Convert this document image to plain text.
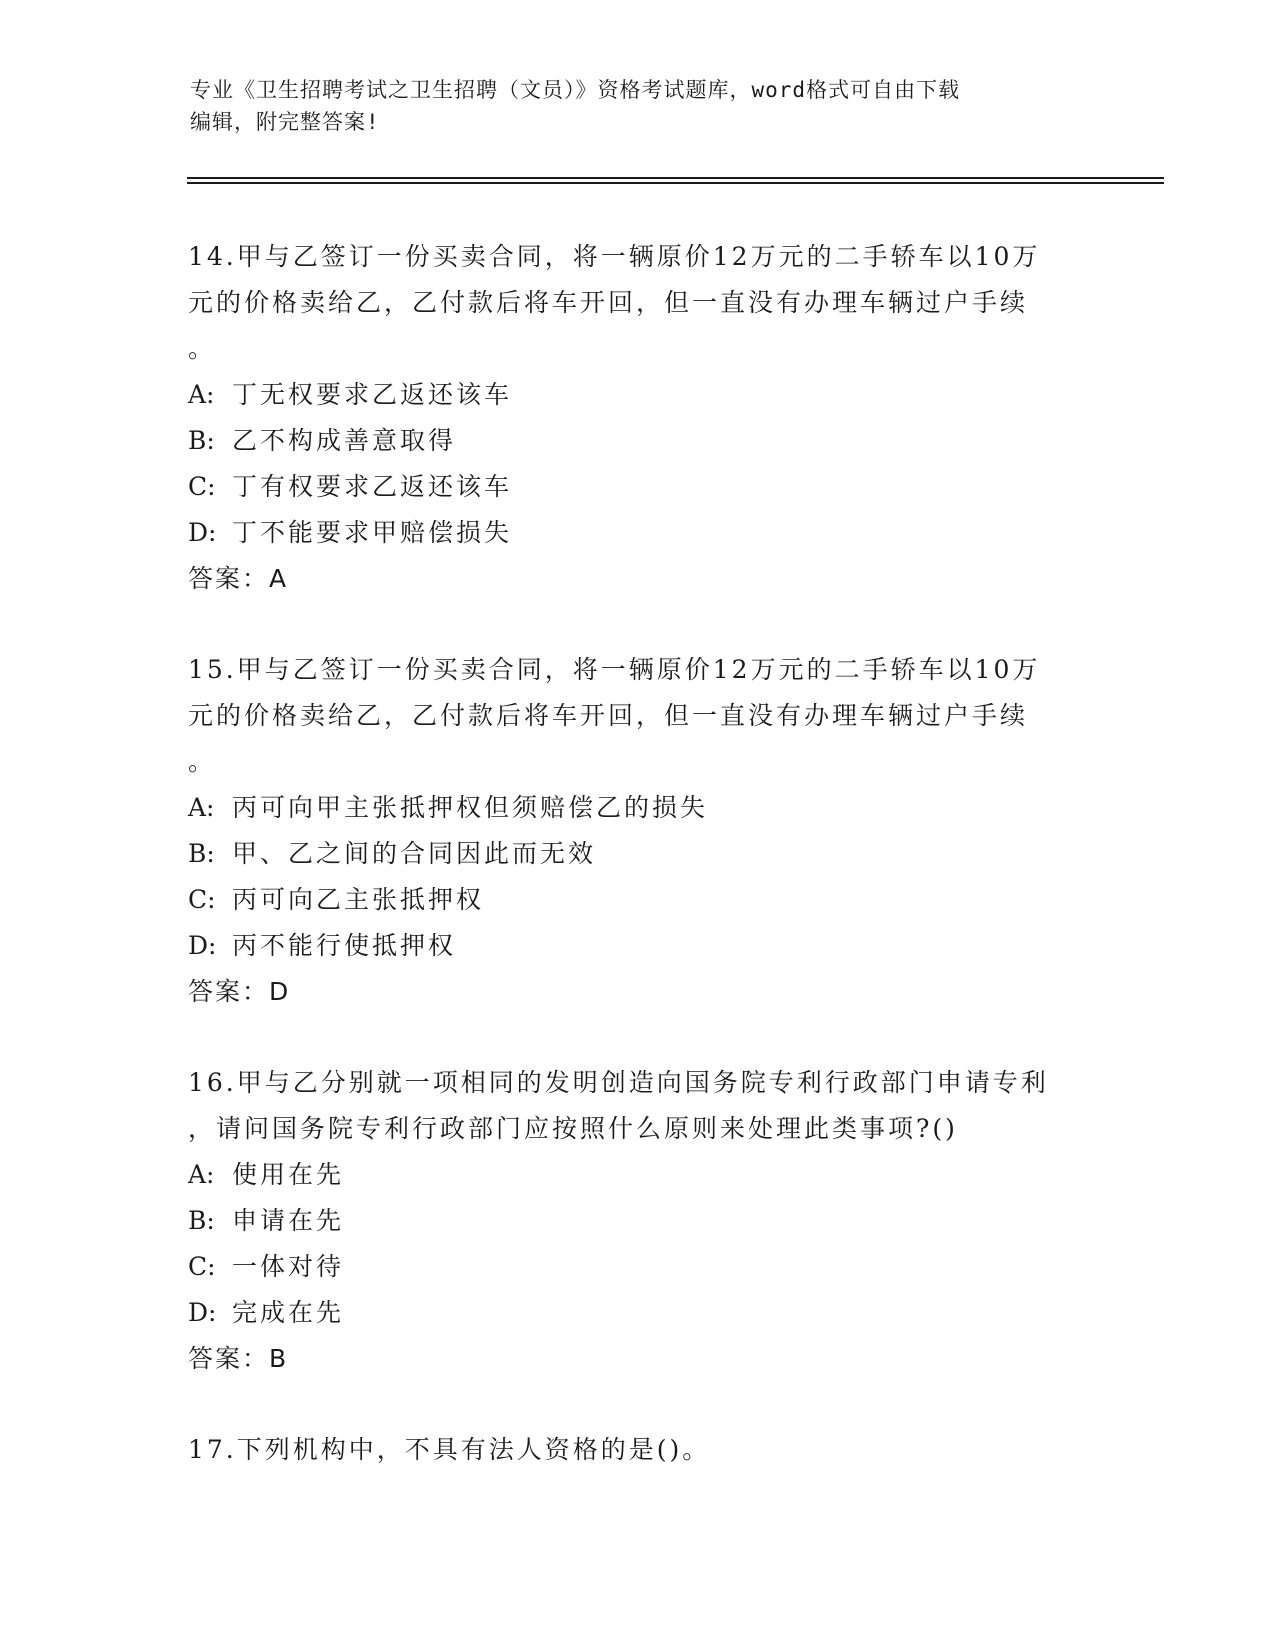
专业《卫生招聘考试之卫生招聘（文员）》资格考试题库，word格式可自由下载
编辑，附完整答案!
14.甲与乙签订一份买卖合同，将一辆原价12万元的二手轿车以10万
元的价格卖给乙，乙付款后将车开回，但一直没有办理车辆过户手续
。
A: 丁无权要求乙返还该车
B: 乙不构成善意取得
C: 丁有权要求乙返还该车
D: 丁不能要求甲赔偿损失
答案：A
15.甲与乙签订一份买卖合同，将一辆原价12万元的二手轿车以10万
元的价格卖给乙，乙付款后将车开回，但一直没有办理车辆过户手续
。
A: 丙可向甲主张抵押权但须赔偿乙的损失
B: 甲、乙之间的合同因此而无效
C: 丙可向乙主张抵押权
D: 丙不能行使抵押权
答案：D
16.甲与乙分别就一项相同的发明创造向国务院专利行政部门申请专利
，请问国务院专利行政部门应按照什么原则来处理此类事项?()
A: 使用在先
B: 申请在先
C: 一体对待
D: 完成在先
答案：B
17.下列机构中，不具有法人资格的是()。
